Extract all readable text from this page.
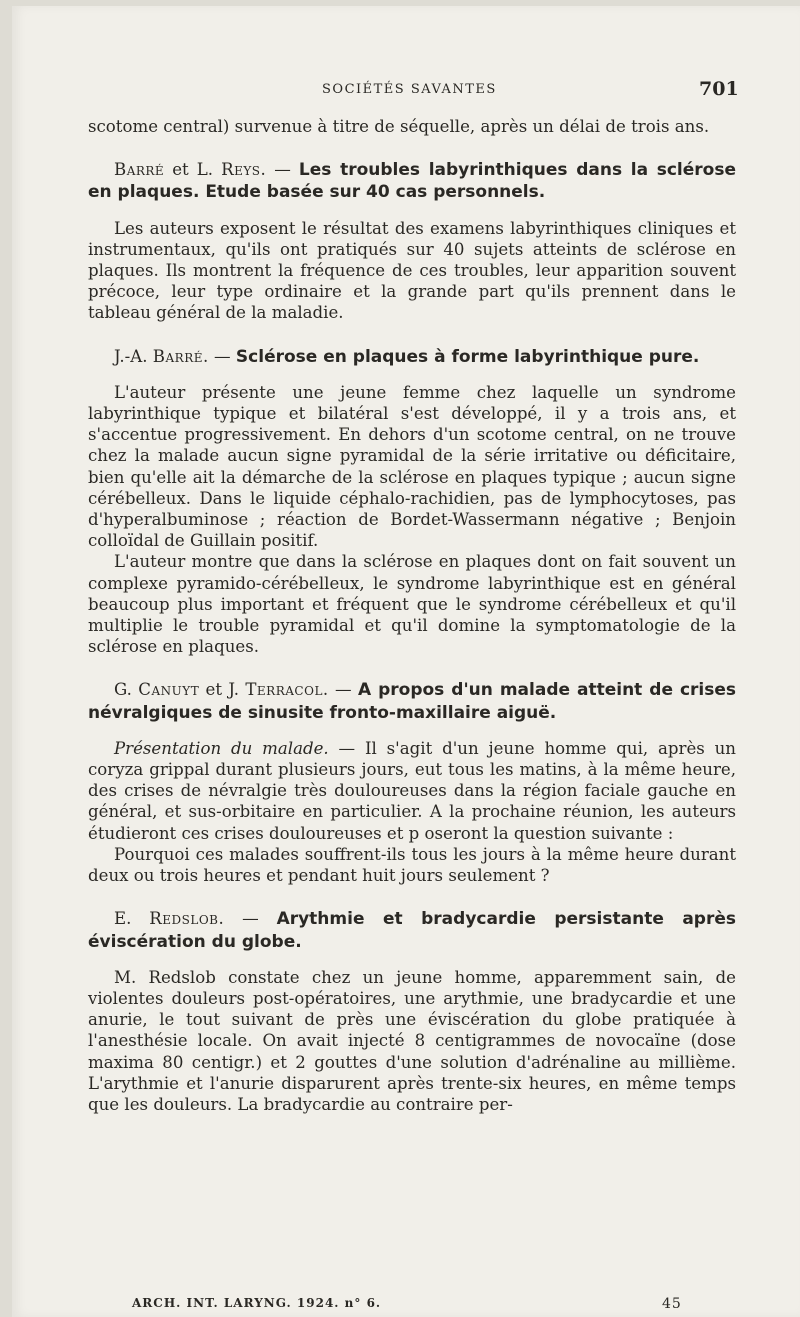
SOCIÉTÉS SAVANTES	701

scotome central) survenue à titre de séquelle, après un délai de trois ans.

Barré et L. Reys. — Les troubles labyrinthiques dans la sclérose en plaques. Etude basée sur 40 cas personnels.

Les auteurs exposent le résultat des examens labyrinthiques cliniques et instrumentaux, qu'ils ont pratiqués sur 40 sujets atteints de sclérose en plaques. Ils montrent la fréquence de ces troubles, leur apparition souvent précoce, leur type ordinaire et la grande part qu'ils prennent dans le tableau général de la maladie.

J.-A. Barré. — Sclérose en plaques à forme labyrinthique pure.

L'auteur présente une jeune femme chez laquelle un syndrome labyrinthique typique et bilatéral s'est développé, il y a trois ans, et s'accentue progressivement. En dehors d'un scotome central, on ne trouve chez la malade aucun signe pyramidal de la série irritative ou déficitaire, bien qu'elle ait la démarche de la sclérose en plaques typique ; aucun signe cérébelleux. Dans le liquide céphalo-rachidien, pas de lymphocytoses, pas d'hyperalbuminose ; réaction de Bordet-Wassermann négative ; Benjoin colloïdal de Guillain positif.

L'auteur montre que dans la sclérose en plaques dont on fait souvent un complexe pyramido-cérébelleux, le syndrome labyrinthique est en général beaucoup plus important et fréquent que le syndrome cérébelleux et qu'il multiplie le trouble pyramidal et qu'il domine la symptomatologie de la sclérose en plaques.

G. Canuyt et J. Terracol. — A propos d'un malade atteint de crises névralgiques de sinusite fronto-maxillaire aiguë.

Présentation du malade. — Il s'agit d'un jeune homme qui, après un coryza grippal durant plusieurs jours, eut tous les matins, à la même heure, des crises de névralgie très douloureuses dans la région faciale gauche en général, et sus-orbitaire en particulier. A la prochaine réunion, les auteurs étudieront ces crises douloureuses et p oseront la question suivante :

Pourquoi ces malades souffrent-ils tous les jours à la même heure durant deux ou trois heures et pendant huit jours seulement ?

E. Redslob. — Arythmie et bradycardie persistante après éviscération du globe.

M. Redslob constate chez un jeune homme, apparemment sain, de violentes douleurs post-opératoires, une arythmie, une bradycardie et une anurie, le tout suivant de près une éviscération du globe pratiquée à l'anesthésie locale. On avait injecté 8 centigrammes de novocaïne (dose maxima 80 centigr.) et 2 gouttes d'une solution d'adrénaline au millième. L'arythmie et l'anurie disparurent après trente-six heures, en même temps que les douleurs. La bradycardie au contraire per-

ARCH. INT. LARYNG. 1924. n° 6.	45
